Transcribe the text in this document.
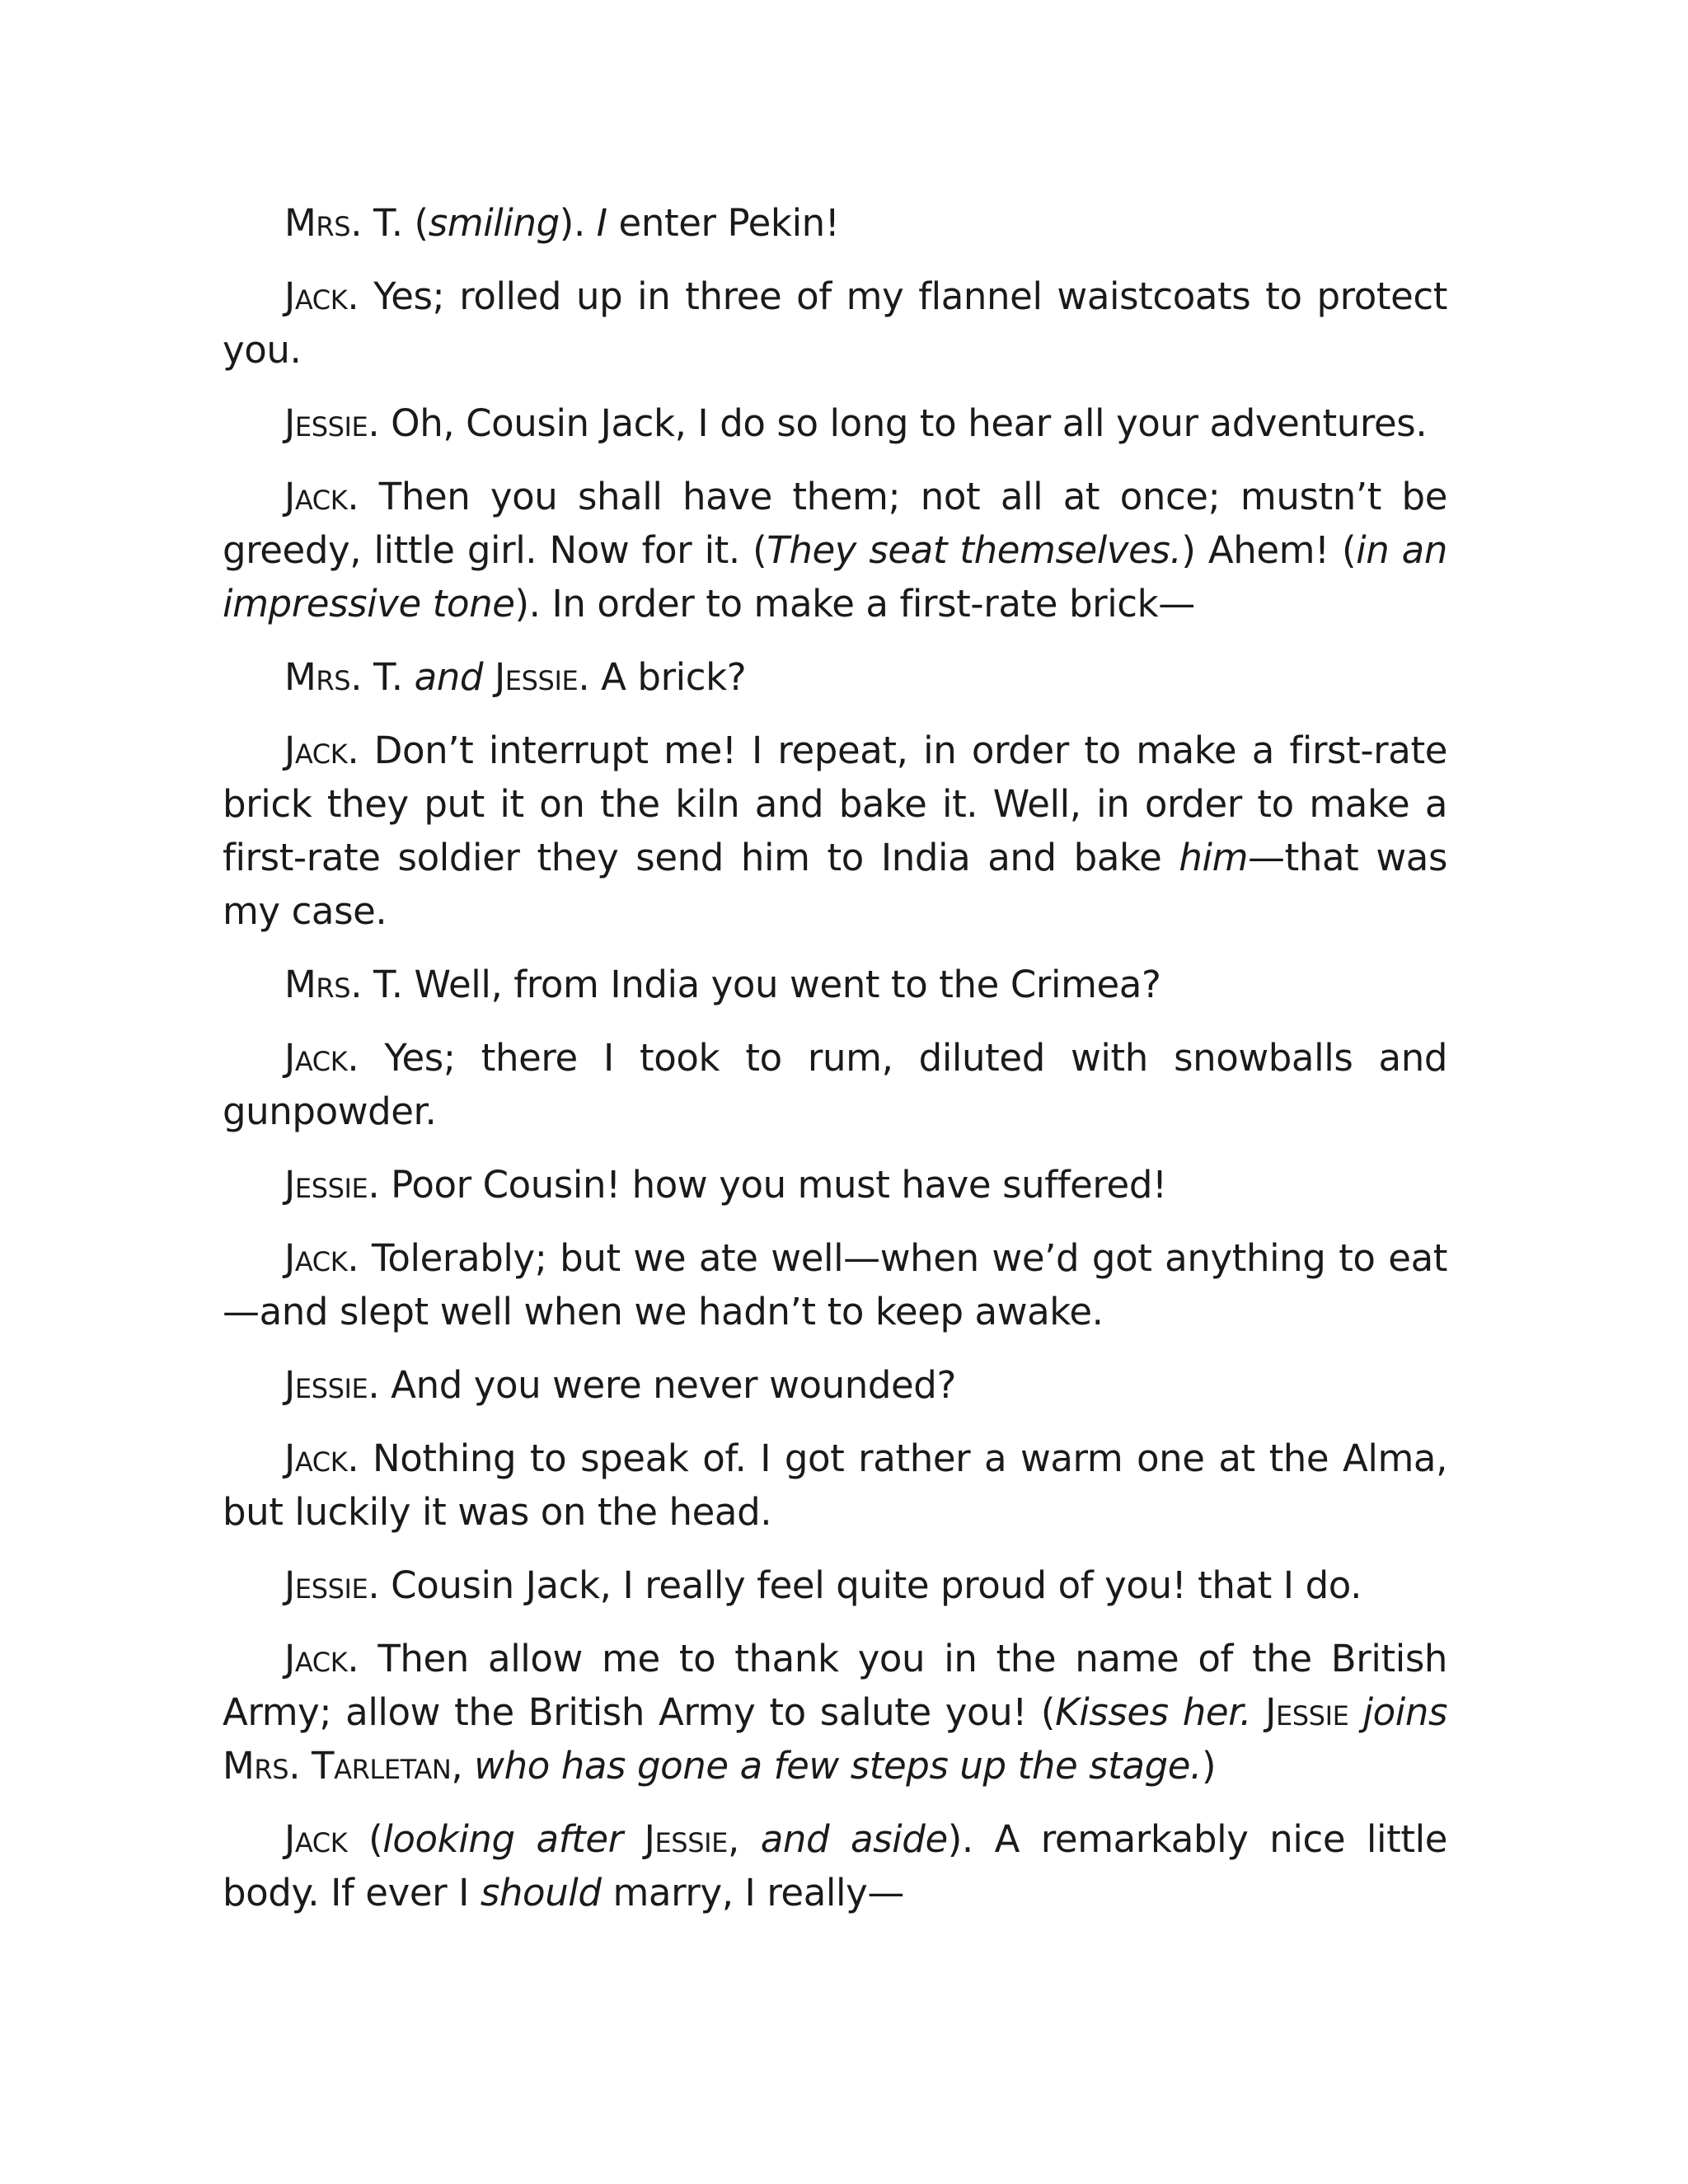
Mrs. T. (smiling). I enter Pekin!

Jack. Yes; rolled up in three of my flannel waistcoats to protect you.

Jessie. Oh, Cousin Jack, I do so long to hear all your adventures.

Jack. Then you shall have them; not all at once; mustn’t be greedy, little girl. Now for it. (They seat themselves.) Ahem! (in an impressive tone). In order to make a first-rate brick—

Mrs. T. and Jessie. A brick?

Jack. Don’t interrupt me! I repeat, in order to make a first-rate brick they put it on the kiln and bake it. Well, in order to make a first-rate soldier they send him to India and bake him—that was my case.

Mrs. T. Well, from India you went to the Crimea?

Jack. Yes; there I took to rum, diluted with snowballs and gunpowder.

Jessie. Poor Cousin! how you must have suffered!

Jack. Tolerably; but we ate well—when we’d got anything to eat —and slept well when we hadn’t to keep awake.

Jessie. And you were never wounded?

Jack. Nothing to speak of. I got rather a warm one at the Alma, but luckily it was on the head.

Jessie. Cousin Jack, I really feel quite proud of you! that I do.

Jack. Then allow me to thank you in the name of the British Army; allow the British Army to salute you! (Kisses her. Jessie joins Mrs. Tarletan, who has gone a few steps up the stage.)

Jack (looking after Jessie, and aside). A remarkably nice little body. If ever I should marry, I really—
